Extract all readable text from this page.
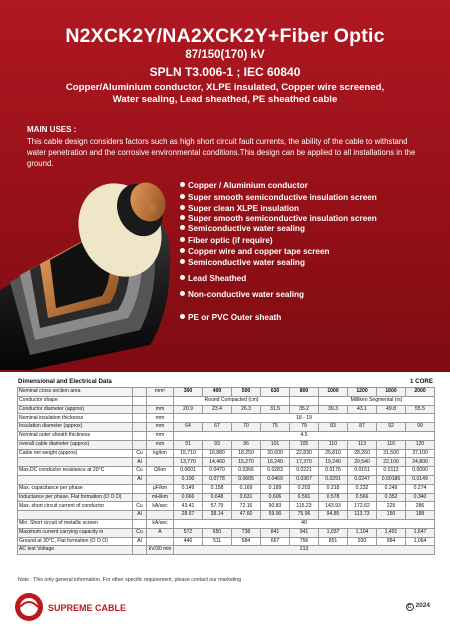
N2XCK2Y/NA2XCK2Y+Fiber Optic
87/150(170) kV
SPLN T3.006-1 ; IEC 60840
Copper/Aluminium conductor, XLPE insulated, Copper wire screened,
Water sealing, Lead sheathed, PE sheathed cable
MAIN USES :
This cable design considers factors such as high short circuit fault currents, the ability of the cable to withstand water penetration and the corrosive environmental conditions.This design can be applied to all installations in the ground.
Copper / Aluminium conductor
Super smooth semiconductive insulation screen
Super clean XLPE insulation
Super smooth semiconductive insulation screen
Semiconductive water sealing
Fiber optic (if require)
Copper wire and copper tape screen
Semiconductive water sealing
Lead Sheathed
Non-conductive water sealing
PE or PVC Outer sheath
Dimensional and Electrical Data	1 CORE
Nominal cross section area		mm²	300	400	500	630	800	1000	1200	1600	2000
Conductor shape			Round Compacted (cm)					Milliken Segmental (rs)			
Conductor diameter (approx)		mm	20.9	23.4	26.3	31.5	35.2	39.3	43.1	49.8	55.5
Nominal insulation thickness		mm	18 - 19								
Insulation diameter (approx)		mm	64	67	70	75	79	83	87	92	99
Nominal outer sheath thickness		mm	4.5								
overall cable diameter (approx)		mm	91	93	96	101	105	110	113	116	120
Cable net weight (approx)	Cu	kg/km	15,710	16,880	18,250	20,600	22,830	25,810	28,260	31,500	37,100
	Al		13,770	14,460	15,270	16,240	17,370	19,240	20,540	22,100	24,800
Max.DC conductor resistance at 20°C	Cu	Ω/km	0.0601	0.0470	0.0366	0.0283	0.0221	0.0176	0.0151	0.0113	0.0090
	Al		0.100	0.0778	0.0605	0.0469	0.0367	0.0291	0.0247	0.00186	0.0149
Max. capacitance per phase		μF/km	0.149	0.158	0.169	0.189	0.203	0.218	0.232	0.249	0.274
Inductance per phase, Flat formation (O O O)		mH/km	0.666	0.648	0.631	0.606	0.591	0.578	0.566	0.352	0.340
Max. short circuit current of conductor	Cu	kA/sec	43.41	57.79	72.16	90.83	115.23	143.93	172.62	229	286
	Al		28.67	38.14	47.60	59.90	75.96	94.85	113.73	150	188
Min. Short circuit of metallic screen		kA/sec	40								
Maximum current carrying capacity in	Cu	A	572	650	738	841	941	1,037	1,104	1,491	1,647
Ground at 30°C, Flat formation (O O O)	Al		446	511	584	667	756	851	920	984	1,064
AC test Voltage		kV/30 min	213								
Note : This only general information. For other specific requirement, please contact our marketing
SUPREME CABLE	C 2024
